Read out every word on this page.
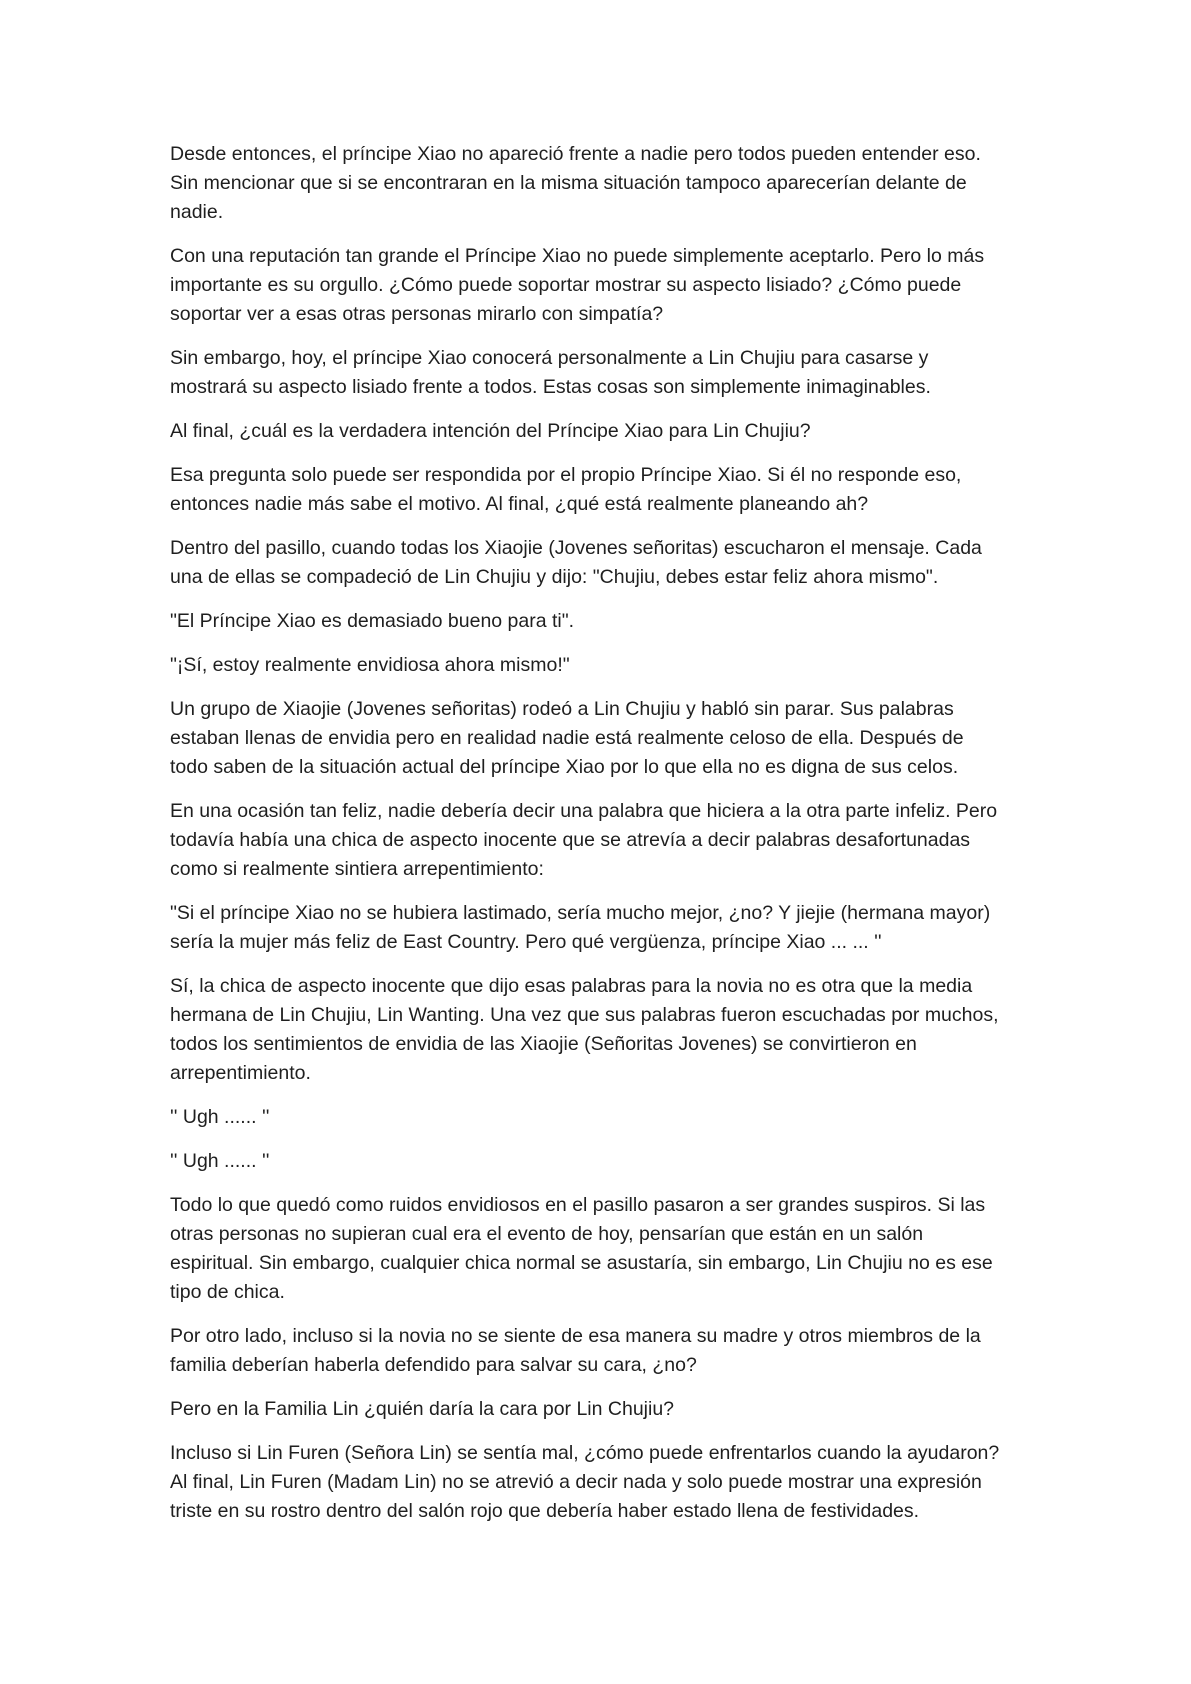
Desde entonces, el príncipe Xiao no apareció frente a nadie pero todos pueden entender eso.
Sin mencionar que si se encontraran en la misma situación tampoco aparecerían delante de
nadie.

Con una reputación tan grande el Príncipe Xiao no puede simplemente aceptarlo. Pero lo más
importante es su orgullo. ¿Cómo puede soportar mostrar su aspecto lisiado? ¿Cómo puede
soportar ver a esas otras personas mirarlo con simpatía?

Sin embargo, hoy, el príncipe Xiao conocerá personalmente a Lin Chujiu para casarse y
mostrará su aspecto lisiado frente a todos. Estas cosas son simplemente inimaginables.

Al final, ¿cuál es la verdadera intención del Príncipe Xiao para Lin Chujiu?

Esa pregunta solo puede ser respondida por el propio Príncipe Xiao. Si él no responde eso,
entonces nadie más sabe el motivo. Al final, ¿qué está realmente planeando ah?

Dentro del pasillo, cuando todas los Xiaojie (Jovenes señoritas) escucharon el mensaje. Cada
una de ellas se compadeció de Lin Chujiu y dijo: "Chujiu, debes estar feliz ahora mismo".

"El Príncipe Xiao es demasiado bueno para ti".

"¡Sí, estoy realmente envidiosa ahora mismo!"

Un grupo de Xiaojie (Jovenes señoritas) rodeó a Lin Chujiu y habló sin parar. Sus palabras
estaban llenas de envidia pero en realidad nadie está realmente celoso de ella. Después de
todo saben de la situación actual del príncipe Xiao por lo que ella no es digna de sus celos.

En una ocasión tan feliz, nadie debería decir una palabra que hiciera a la otra parte infeliz. Pero
todavía había una chica de aspecto inocente que se atrevía a decir palabras desafortunadas
como si realmente sintiera arrepentimiento:

"Si el príncipe Xiao no se hubiera lastimado, sería mucho mejor, ¿no? Y jiejie (hermana mayor)
sería la mujer más feliz de East Country. Pero qué vergüenza, príncipe Xiao ... ... ''

Sí, la chica de aspecto inocente que dijo esas palabras para la novia no es otra que la media
hermana de Lin Chujiu, Lin Wanting. Una vez que sus palabras fueron escuchadas por muchos,
todos los sentimientos de envidia de las Xiaojie (Señoritas Jovenes) se convirtieron en
arrepentimiento.

'' Ugh ...... ''

'' Ugh ...... ''

Todo lo que quedó como ruidos envidiosos en el pasillo pasaron a ser grandes suspiros. Si las
otras personas no supieran cual era el evento de hoy, pensarían que están en un salón
espiritual. Sin embargo, cualquier chica normal se asustaría, sin embargo, Lin Chujiu no es ese
tipo de chica.

Por otro lado, incluso si la novia no se siente de esa manera su madre y otros miembros de la
familia deberían haberla defendido para salvar su cara, ¿no?

Pero en la Familia Lin ¿quién daría la cara por Lin Chujiu?

Incluso si Lin Furen (Señora Lin) se sentía mal, ¿cómo puede enfrentarlos cuando la ayudaron?
Al final, Lin Furen (Madam Lin) no se atrevió a decir nada y solo puede mostrar una expresión
triste en su rostro dentro del salón rojo que debería haber estado llena de festividades.
